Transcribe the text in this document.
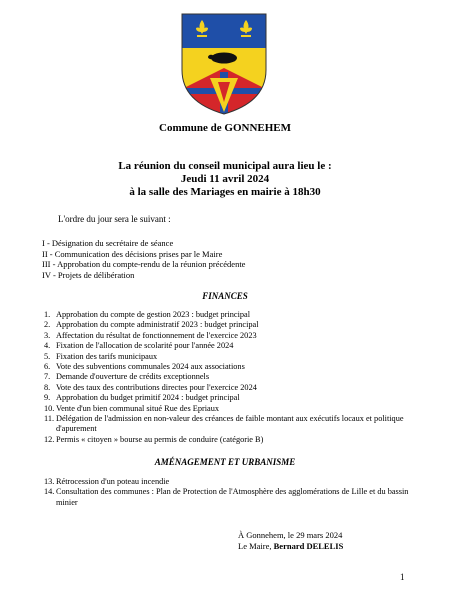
Commune de GONNEHEM
La réunion du conseil municipal aura lieu le :
Jeudi 11 avril 2024
à la salle des Mariages en mairie à 18h30
L'ordre du jour sera le suivant :
I - Désignation du secrétaire de séance
II - Communication des décisions prises par le Maire
III - Approbation du compte-rendu de la réunion précédente
IV - Projets de délibération
FINANCES
1. Approbation du compte de gestion 2023 : budget principal
2. Approbation du compte administratif 2023 : budget principal
3. Affectation du résultat de fonctionnement de l'exercice 2023
4. Fixation de l'allocation de scolarité pour l'année 2024
5. Fixation des tarifs municipaux
6. Vote des subventions communales 2024 aux associations
7. Demande d'ouverture de crédits exceptionnels
8. Vote des taux des contributions directes pour l'exercice 2024
9. Approbation du budget primitif 2024 : budget principal
10. Vente d'un bien communal situé Rue des Epriaux
11. Délégation de l'admission en non-valeur des créances de faible montant aux exécutifs locaux et politique d'apurement
12. Permis « citoyen » bourse au permis de conduire (catégorie B)
AMÉNAGEMENT ET URBANISME
13. Rétrocession d'un poteau incendie
14. Consultation des communes : Plan de Protection de l'Atmosphère des agglomérations de Lille et du bassin minier
À Gonnehem, le 29 mars 2024
Le Maire, Bernard DELELIS
1
